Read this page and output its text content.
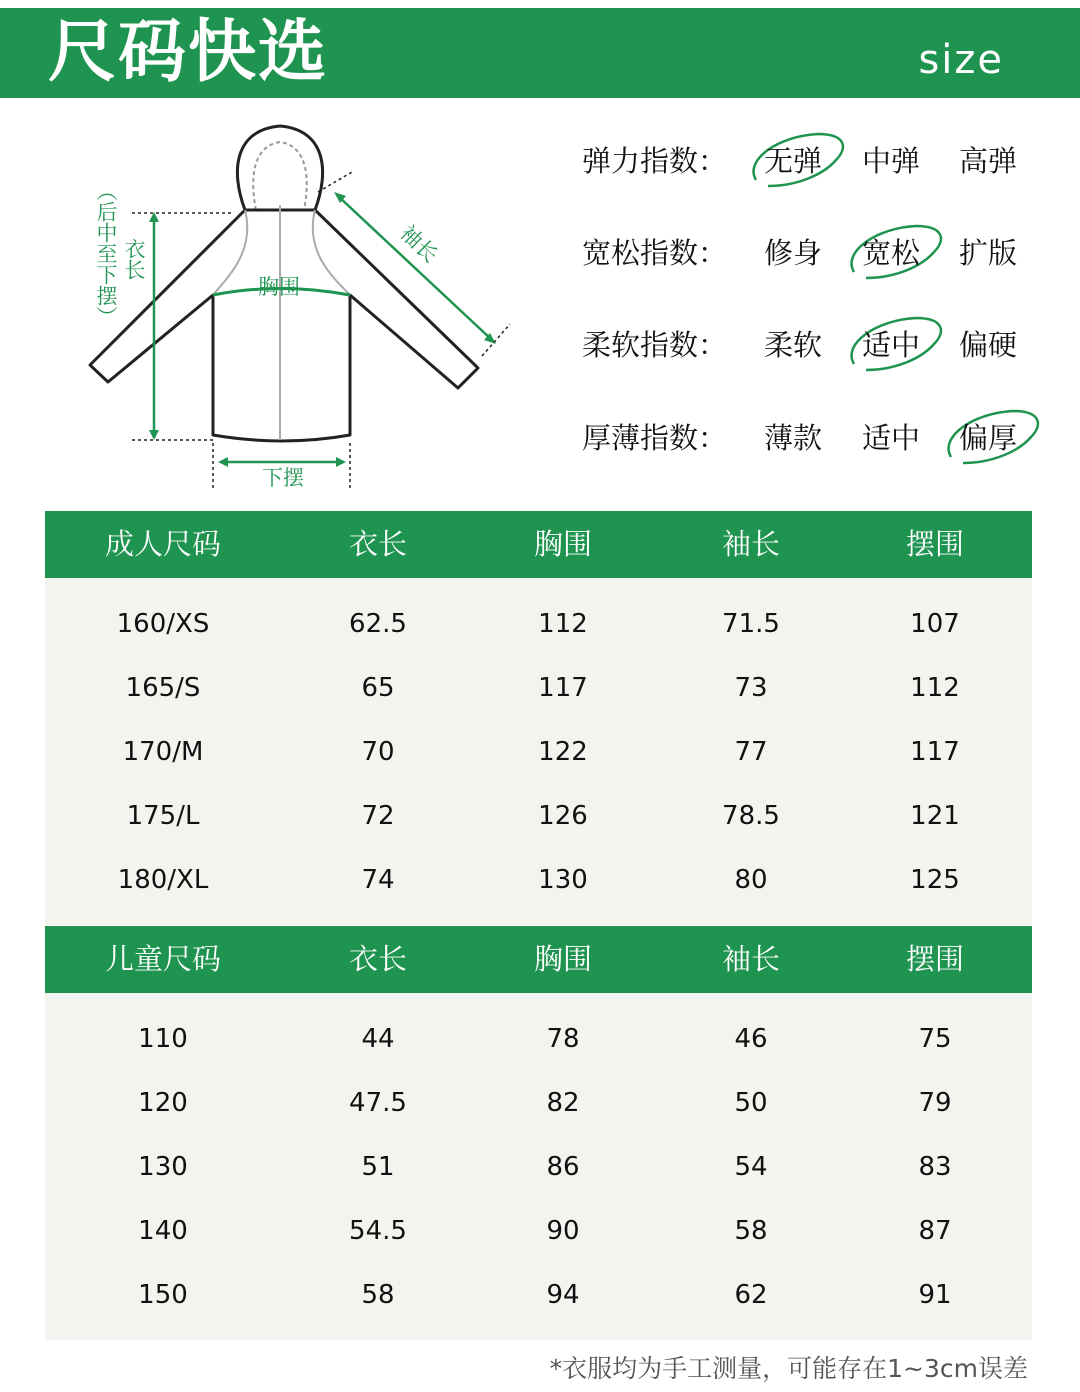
尺码快选	size
（后中至下摆） 衣长
胸围
袖长
下摆
弹力指数： 无弹 中弹 高弹
宽松指数： 修身 宽松 扩版
柔软指数： 柔软 适中 偏硬
厚薄指数： 薄款 适中 偏厚
成人尺码	衣长	胸围	袖长	摆围
160/XS	62.5	112	71.5	107
165/S	65	117	73	112
170/M	70	122	77	117
175/L	72	126	78.5	121
180/XL	74	130	80	125
儿童尺码	衣长	胸围	袖长	摆围
110	44	78	46	75
120	47.5	82	50	79
130	51	86	54	83
140	54.5	90	58	87
150	58	94	62	91
*衣服均为手工测量，可能存在1~3cm误差
